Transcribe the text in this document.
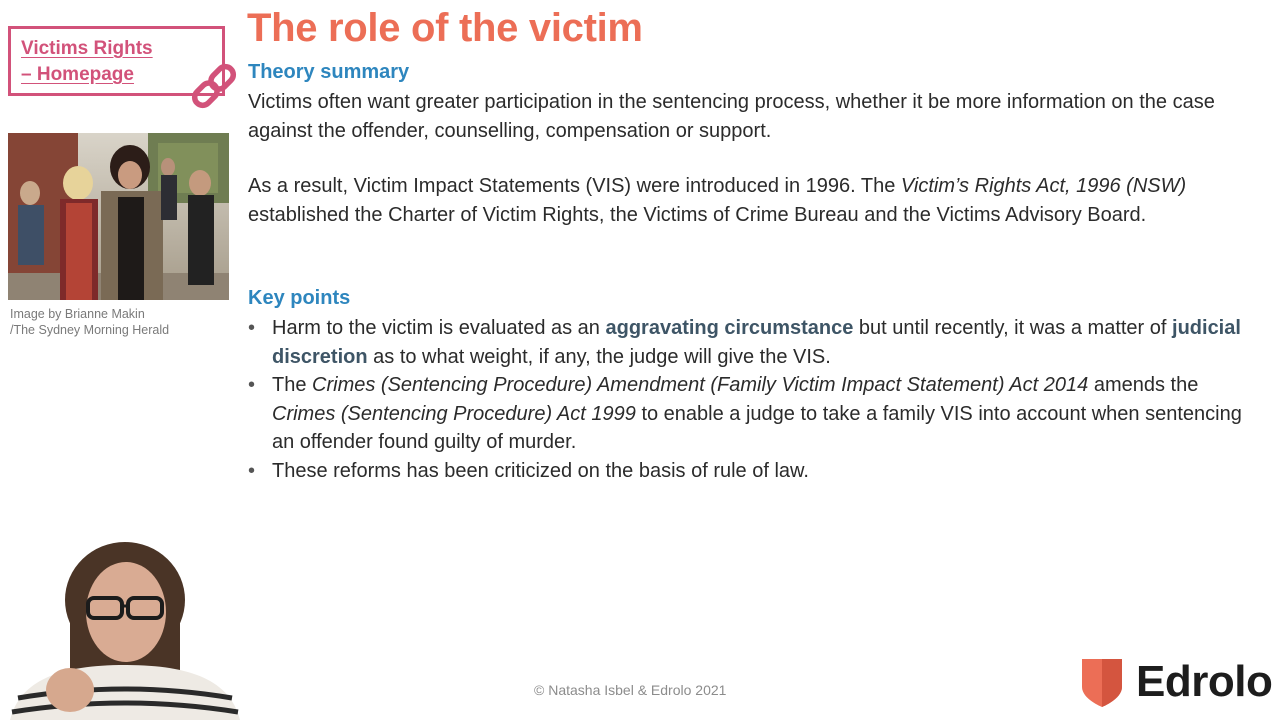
Victims Rights
– Homepage
Image by Brianne Makin
/The Sydney Morning Herald
The role of the victim
Theory summary

Victims often want greater participation in the sentencing process, whether it be more information on the case against the offender, counselling, compensation or support.

As a result, Victim Impact Statements (VIS) were introduced in 1996. The Victim’s Rights Act, 1996 (NSW) established the Charter of Victim Rights, the Victims of Crime Bureau and the Victims Advisory Board.

Key points
• Harm to the victim is evaluated as an aggravating circumstance but until recently, it was a matter of judicial discretion as to what weight, if any, the judge will give the VIS.
• The Crimes (Sentencing Procedure) Amendment (Family Victim Impact Statement) Act 2014 amends the Crimes (Sentencing Procedure) Act 1999 to enable a judge to take a family VIS into account when sentencing an offender found guilty of murder.
• These reforms has been criticized on the basis of rule of law.
© Natasha Isbel & Edrolo 2021	Edrolo
